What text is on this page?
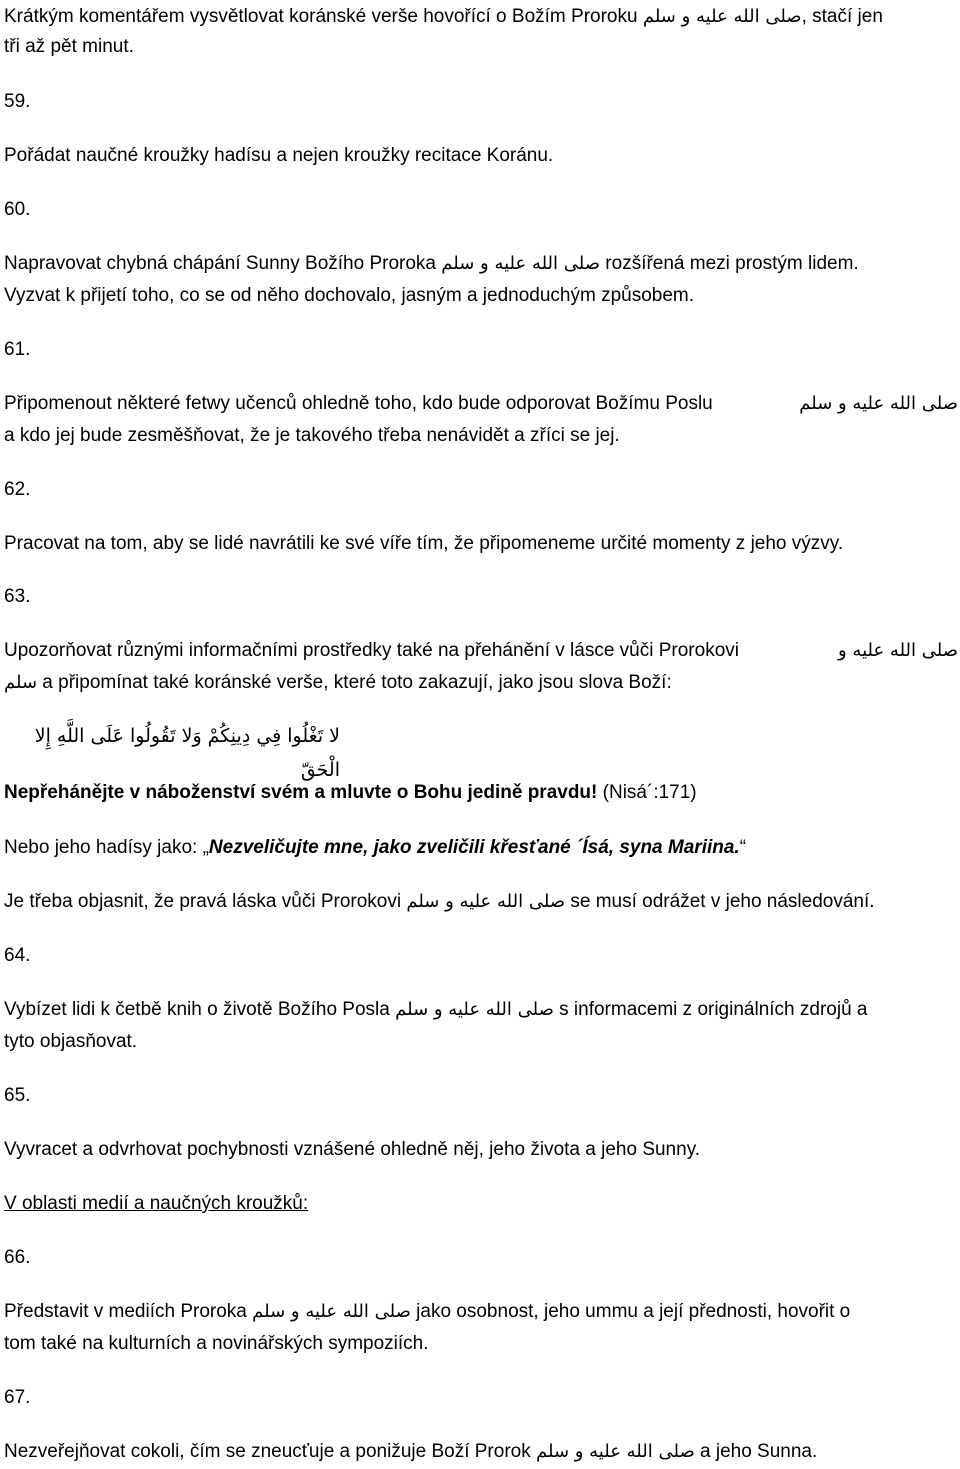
Krátkým komentářem vysvětlovat koránské verše hovořící o Božím Proroku صلى الله عليه و سلم, stačí jen
tři až pět minut.
59.
Pořádat naučné kroužky hadísu a nejen kroužky recitace Koránu.
60.
Napravovat chybná chápání Sunny Božího Proroka صلى الله عليه و سلم rozšířená mezi prostým lidem.
Vyzvat k přijetí toho, co se od něho dochovalo, jasným a jednoduchým způsobem.
61.
Připomenout některé fetwy učenců ohledně toho, kdo bude odporovat Božímu Poslu	صلى الله عليه و سلم
a kdo jej bude zesměšňovat, že je takového třeba nenávidět a zříci se jej.
62.
Pracovat na tom, aby se lidé navrátili ke své víře tím, že připomeneme určité momenty z jeho výzvy.
63.
Upozorňovat různými informačními prostředky také na přehánění v lásce vůči Prorokovi	صلى الله عليه و
سلم a připomínat také koránské verše, které toto zakazují, jako jsou slova Boží:
لا تَغْلُوا فِي دِينِكُمْ وَلا تَقُولُوا عَلَى اللَّهِ إِلا الْحَقّ
Nepřehánějte v náboženství svém a mluvte o Bohu jedině pravdu! (Nisá´:171)
Nebo jeho hadísy jako: „Nezveličujte mne, jako zveličili křesťané ´Ísá, syna Mariina.“
Je třeba objasnit, že pravá láska vůči Prorokovi صلى الله عليه و سلم se musí odrážet v jeho následování.
64.
Vybízet lidi k četbě knih o životě Božího Posla صلى الله عليه و سلم s informacemi z originálních zdrojů a
tyto objasňovat.
65.
Vyvracet a odvrhovat pochybnosti vznášené ohledně něj, jeho života a jeho Sunny.
V oblasti medií a naučných kroužků:
66.
Představit v mediích Proroka صلى الله عليه و سلم jako osobnost, jeho ummu a její přednosti, hovořit o
tom také na kulturních a novinářských sympoziích.
67.
Nezveřejňovat cokoli, čím se zneucťuje a ponižuje Boží Prorok صلى الله عليه و سلم a jeho Sunna.
